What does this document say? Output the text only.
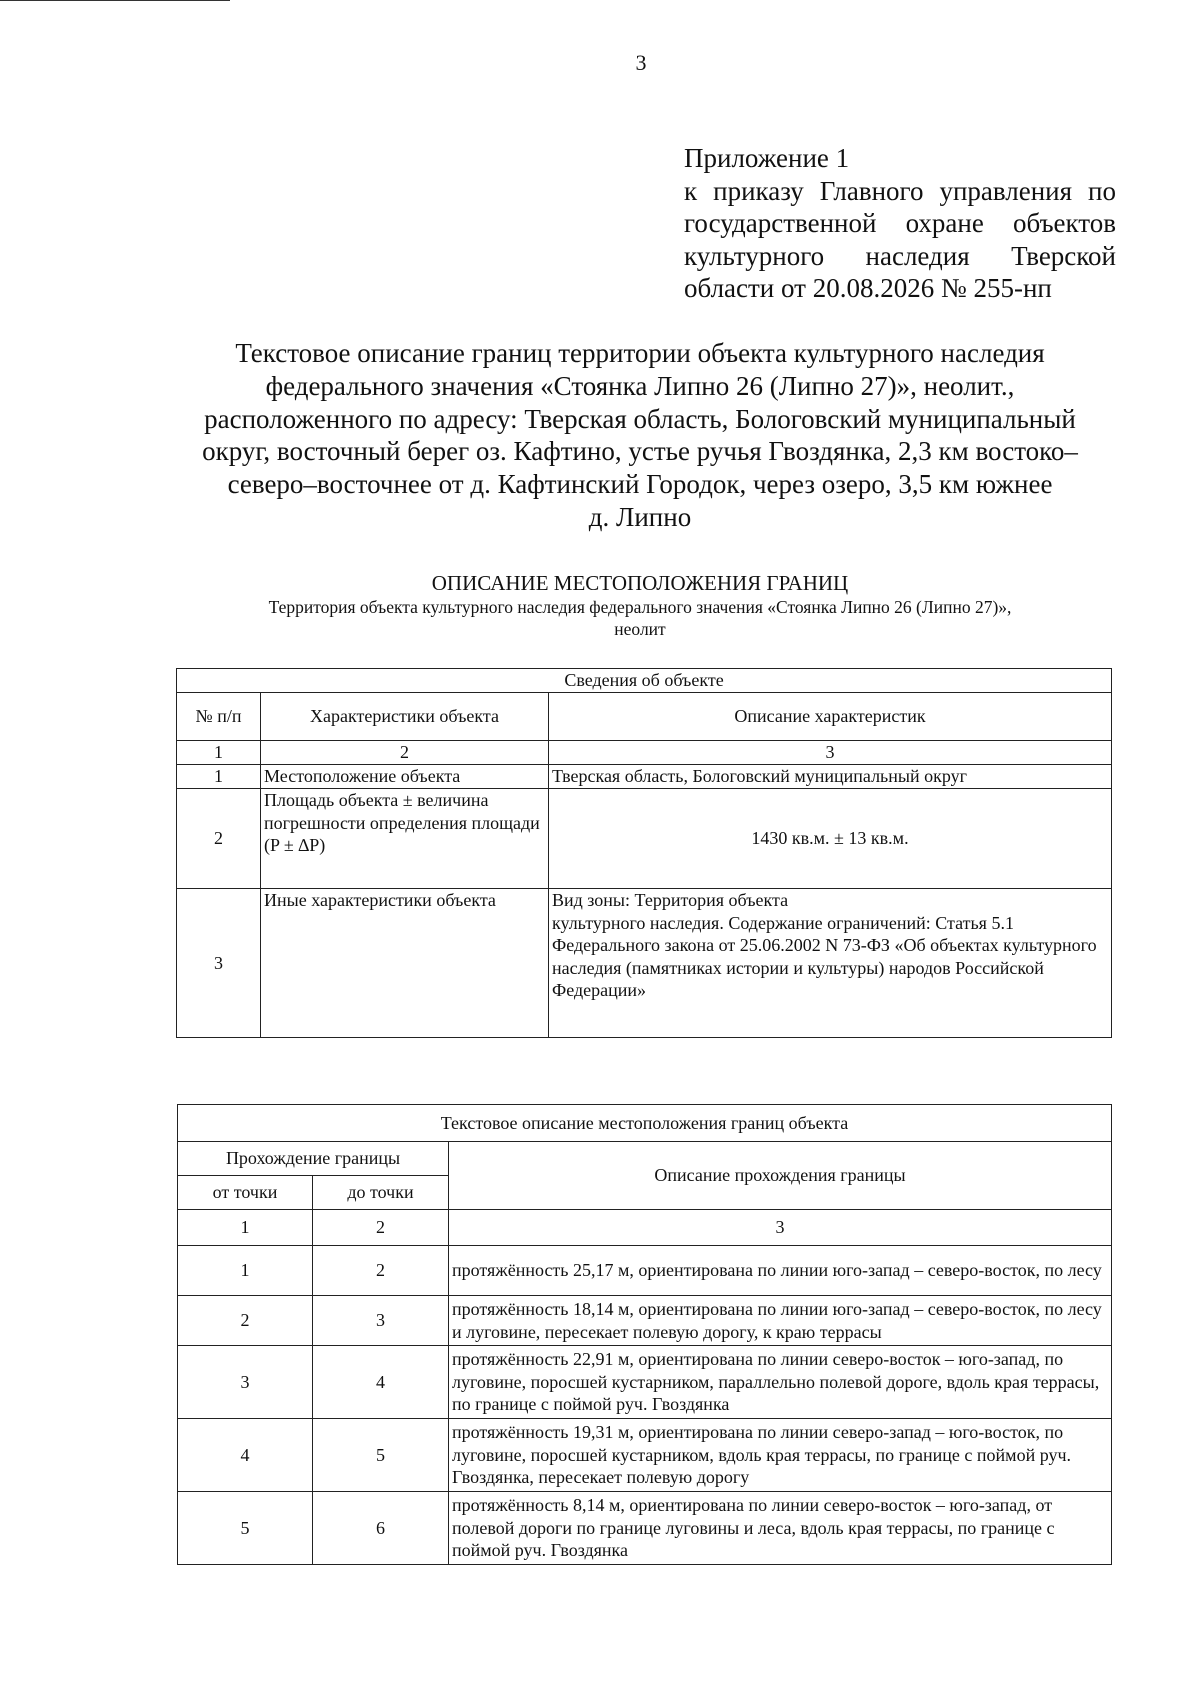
3
Приложение 1
к приказу Главного управления по
государственной охране объектов
культурного наследия Тверской
области от 20.08.2026 № 255-нп
Текстовое описание границ территории объекта культурного наследия
федерального значения «Стоянка Липно 26 (Липно 27)», неолит.,
расположенного по адресу: Тверская область, Бологовский муниципальный
округ, восточный берег оз. Кафтино, устье ручья Гвоздянка, 2,3 км востоко–
северо–восточнее от д. Кафтинский Городок, через озеро, 3,5 км южнее
д. Липно
ОПИСАНИЕ МЕСТОПОЛОЖЕНИЯ ГРАНИЦ
Территория объекта культурного наследия федерального значения «Стоянка Липно 26 (Липно 27)»,
неолит
Сведения об объекте		
№ п/п	Характеристики объекта	Описание характеристик
1	2	3
1	Местоположение объекта	Тверская область, Бологовский муниципальный округ
2	Площадь объекта ± величина погрешности определения площади (P ± ∆P)	1430 кв.м. ± 13 кв.м.
3	Иные характеристики объекта	Вид зоны: Территория объекта
культурного наследия. Содержание ограничений: Статья 5.1 Федерального закона от 25.06.2002 N 73-ФЗ «Об объектах культурного наследия (памятниках истории и культуры) народов Российской Федерации»
Текстовое описание местоположения границ объекта		
Прохождение границы		Описание прохождения границы
от точки	до точки	
1	2	3
1	2	протяжённость 25,17 м, ориентирована по линии юго-запад – северо-восток, по лесу
2	3	протяжённость 18,14 м, ориентирована по линии юго-запад – северо-восток, по лесу и луговине, пересекает полевую дорогу, к краю террасы
3	4	протяжённость 22,91 м, ориентирована по линии северо-восток – юго-запад, по луговине, поросшей кустарником, параллельно полевой дороге, вдоль края террасы, по границе с поймой руч. Гвоздянка
4	5	протяжённость 19,31 м, ориентирована по линии северо-запад – юго-восток, по луговине, поросшей кустарником, вдоль края террасы, по границе с поймой руч. Гвоздянка, пересекает полевую дорогу
5	6	протяжённость 8,14 м, ориентирована по линии северо-восток – юго-запад, от полевой дороги по границе луговины и леса, вдоль края террасы, по границе с поймой руч. Гвоздянка
